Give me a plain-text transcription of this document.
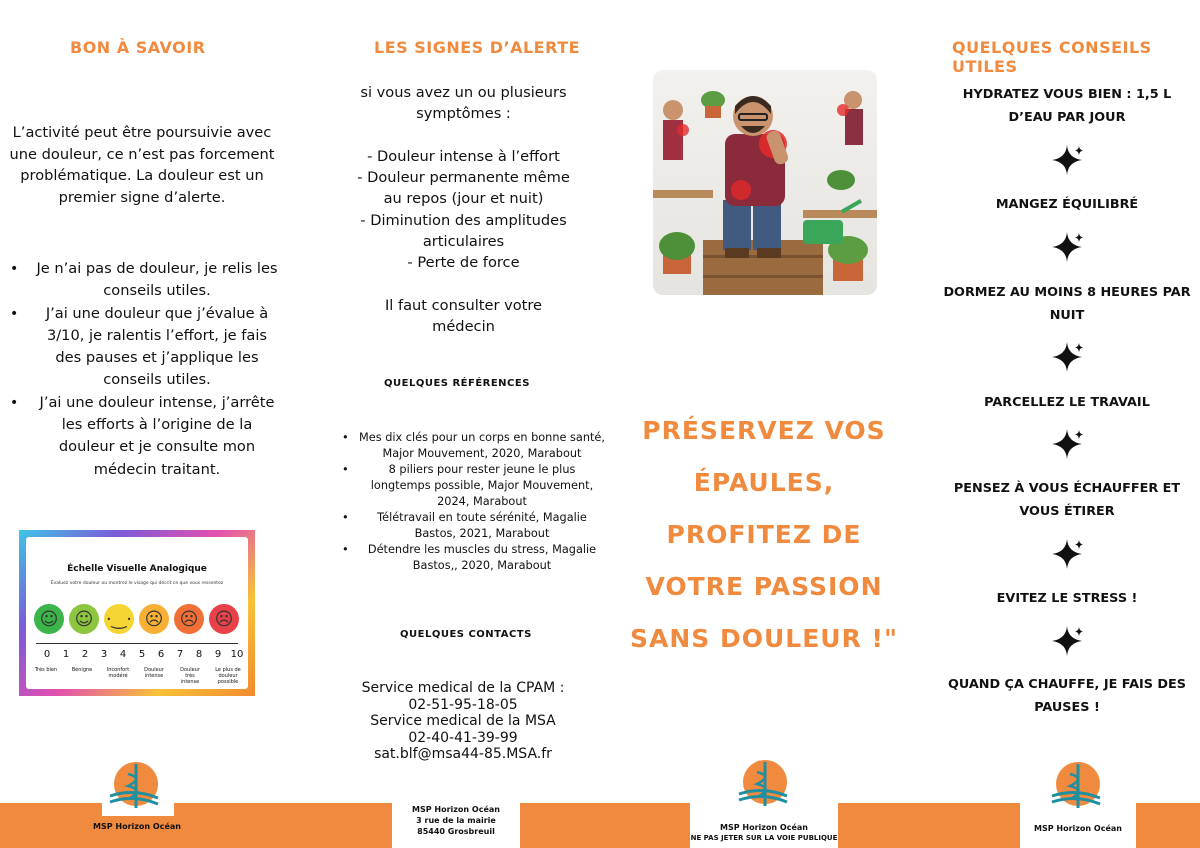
BON À SAVOIR

L’activité peut être poursuivie avec une douleur, ce n’est pas forcement problématique. La douleur est un premier signe d’alerte.

• Je n’ai pas de douleur, je relis les conseils utiles.
• J’ai une douleur que j’évalue à 3/10, je ralentis l’effort, je fais des pauses et j’applique les conseils utiles.
• J’ai une douleur intense, j’arrête les efforts à l’origine de la douleur et je consulte mon médecin traitant.
Échelle Visuelle Analogique
Évaluez votre douleur ou montrez le visage qui décrit ce que vous ressentez
☺ ☺ ·‿· ☹ ☹ ☹
0 1 2 3 4 5 6 7 8 9 10
Très bien	Bénigne	Inconfort modéré
Douleur intense
Douleur très intense
Le plus de douleur possible
LES SIGNES D’ALERTE
si vous avez un ou plusieurs
symptômes :

- Douleur intense à l’effort
- Douleur permanente même
au repos (jour et nuit)
- Diminution des amplitudes
articulaires
- Perte de force

Il faut consulter votre
médecin
QUELQUES RÉFÉRENCES
• Mes dix clés pour un corps en bonne santé, Major Mouvement, 2020, Marabout
• 8 piliers pour rester jeune le plus longtemps possible, Major Mouvement, 2024, Marabout
• Télétravail en toute sérénité, Magalie Bastos, 2021, Marabout
• Détendre les muscles du stress, Magalie Bastos,, 2020, Marabout
QUELQUES CONTACTS
Service medical de la CPAM :
02-51-95-18-05
Service medical de la MSA
02-40-41-39-99
sat.blf@msa44-85.MSA.fr
PRÉSERVEZ VOS ÉPAULES, PROFITEZ DE VOTRE PASSION SANS DOULEUR !"
QUELQUES CONSEILS UTILES
HYDRATEZ VOUS BIEN : 1,5 L D’EAU PAR JOUR
MANGEZ ÉQUILIBRÉ
DORMEZ AU MOINS 8 HEURES PAR NUIT
PARCELLEZ LE TRAVAIL
PENSEZ À VOUS ÉCHAUFFER ET VOUS ÉTIRER
EVITEZ LE STRESS !
QUAND ÇA CHAUFFE, JE FAIS DES PAUSES !
MSP Horizon Océan
MSP Horizon Océan
3 rue de la mairie
85440 Grosbreuil	MSP Horizon Océan
NE PAS JETER SUR LA VOIE PUBLIQUE
MSP Horizon Océan
